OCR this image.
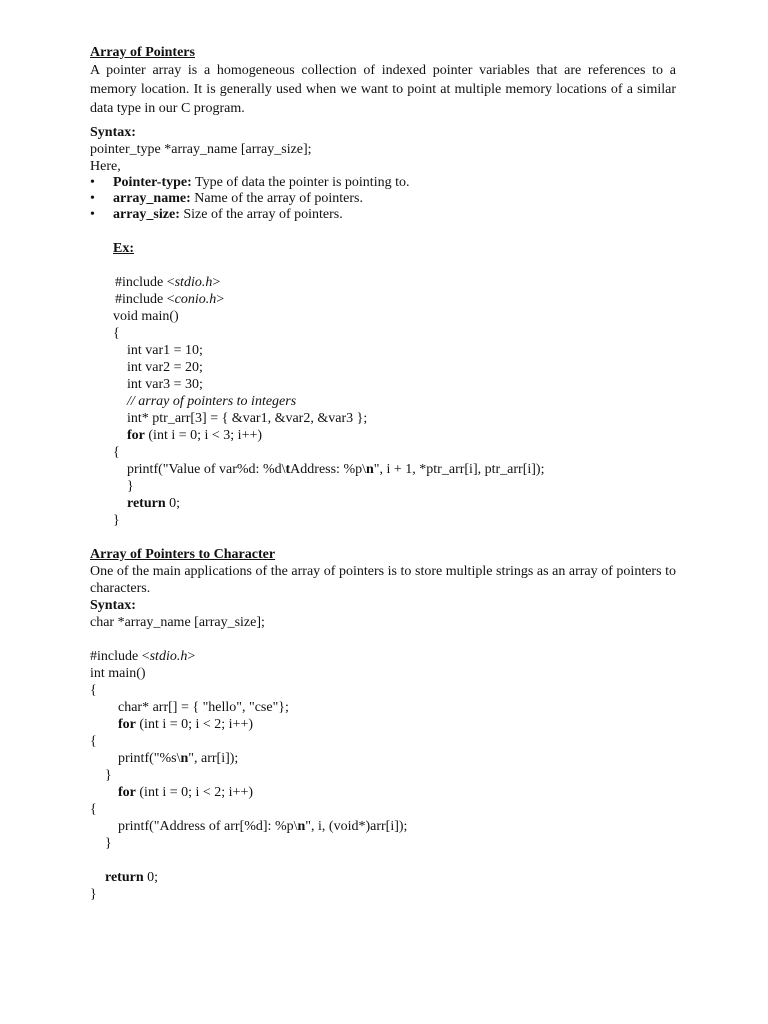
Array of Pointers
A pointer array is a homogeneous collection of indexed pointer variables that are references to a memory location. It is generally used when we want to point at multiple memory locations of a similar data type in our C program.
Syntax:
pointer_type *array_name [array_size];
Here,
• Pointer-type: Type of data the pointer is pointing to.
• array_name: Name of the array of pointers.
• array_size: Size of the array of pointers.
Ex:
#include <stdio.h>
#include <conio.h>
void main()
{
int var1 = 10;
int var2 = 20;
int var3 = 30;
// array of pointers to integers
int* ptr_arr[3] = { &var1, &var2, &var3 };
for (int i = 0; i < 3; i++)
{
printf("Value of var%d: %d\tAddress: %p\n", i + 1, *ptr_arr[i], ptr_arr[i]);
}
return 0;
}
Array of Pointers to Character
One of the main applications of the array of pointers is to store multiple strings as an array of pointers to characters.
Syntax:
char *array_name [array_size];
#include <stdio.h>
int main()
{
char* arr[] = { "hello", "cse"};
for (int i = 0; i < 2; i++)
{
printf("%s\n", arr[i]);
}
for (int i = 0; i < 2; i++)
{
printf("Address of arr[%d]: %p\n", i, (void*)arr[i]);
}
return 0;
}
